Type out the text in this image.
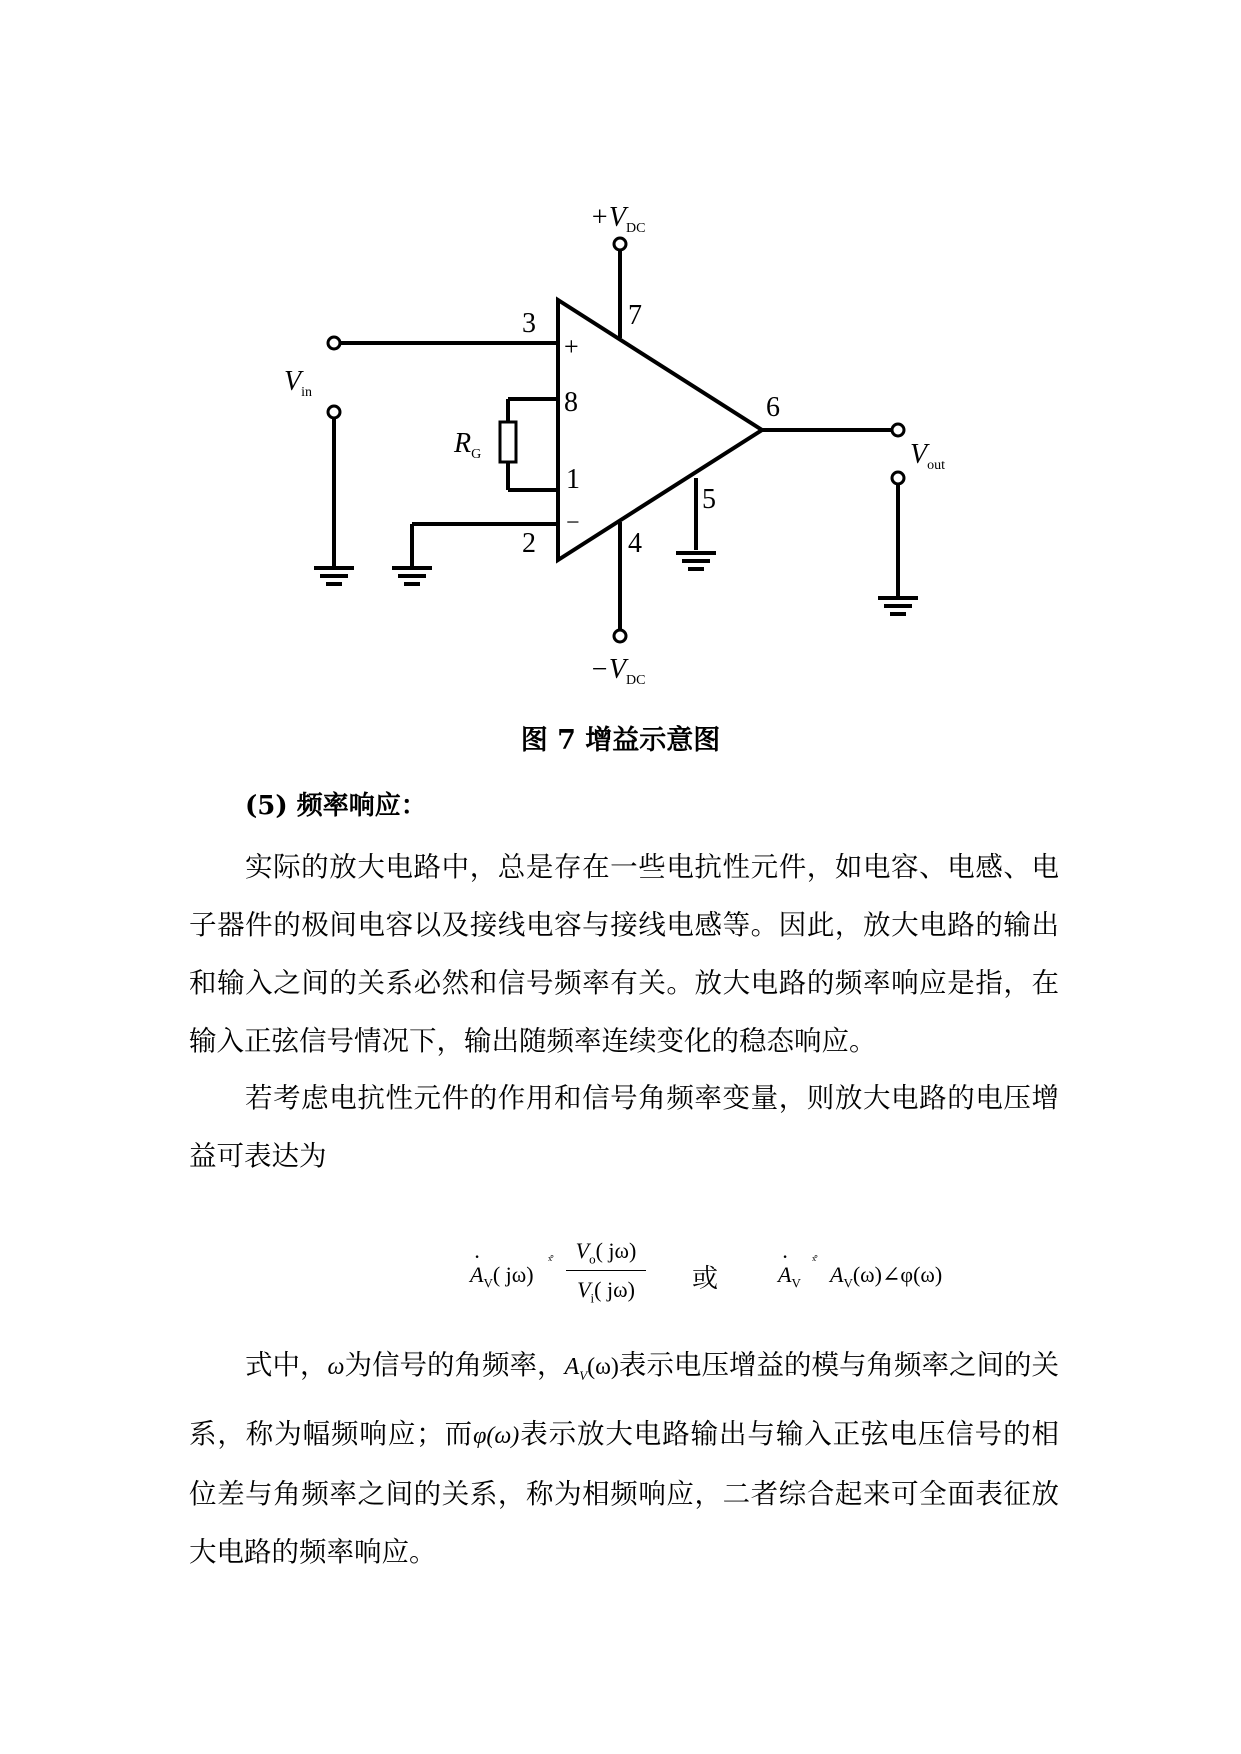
$+V_{DC}$
$-V_{DC}$
$V_{in}$
$V_{out}$
$R_G$
+
−
3	7
8
1
2	4
5
6
图 7 增益示意图
(5) 频率响应：

实际的放大电路中，总是存在一些电抗性元件，如电容、电感、电子器件的极间电容以及接线电容与接线电感等。因此，放大电路的输出和输入之间的关系必然和信号频率有关。放大电路的频率响应是指，在输入正弦信号情况下，输出随频率连续变化的稳态响应。

若考虑电抗性元件的作用和信号角频率变量，则放大电路的电压增益可表达为

· $A_V$( jω)
ˣ̊	$V_o$( jω)
$V_i$( jω)	或
·	$A_V$
ˣ̊
$A_V(\omega)\angle\varphi(\omega)$

式中，ω为信号的角频率，$A_V(\omega)$表示电压增益的模与角频率之间的关系，称为幅频响应；而φ(ω)表示放大电路输出与输入正弦电压信号的相位差与角频率之间的关系，称为相频响应，二者综合起来可全面表征放大电路的频率响应。
